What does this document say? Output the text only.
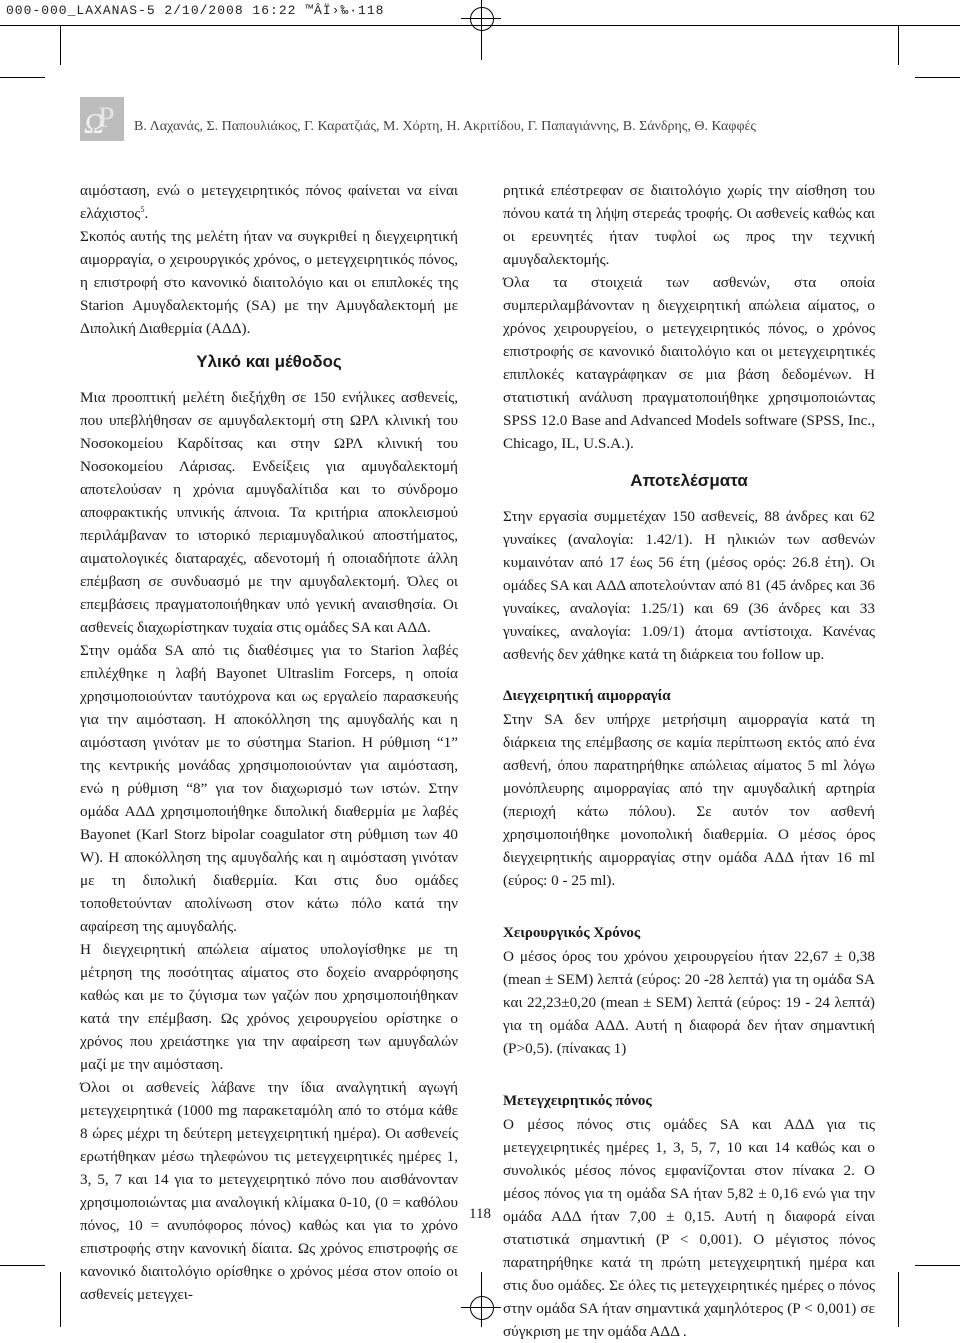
000-000_LAXANAS-5 2/10/2008 16:22 ™ÂÏ›‰·118
Ω
Ρ Β. Λαχανάς, Σ. Παπουλιάκος, Γ. Καρατζιάς, Μ. Χόρτη, Η. Ακριτίδου, Γ. Παπαγιάννης, Β. Σάνδρης, Θ. Καφφές

αιμόσταση, ενώ ο μετεγχειρητικός πόνος φαίνεται να είναι ελάχιστος$^5$.

Σκοπός αυτής της μελέτη ήταν να συγκριθεί η διεγχειρητική αιμορραγία, ο χειρουργικός χρόνος, ο μετεγχειρητικός πόνος, η επιστροφή στο κανονικό διαιτολόγιο και οι επιπλοκές της Starion Αμυγδαλεκτομής (SA) με την Αμυγδαλεκτομή με Διπολική Διαθερμία (ΑΔΔ).

Υλικό και μέθοδος

Μια προοπτική μελέτη διεξήχθη σε 150 ενήλικες ασθενείς, που υπεβλήθησαν σε αμυγδαλεκτομή στη ΩΡΛ κλινική του Νοσοκομείου Καρδίτσας και στην ΩΡΛ κλινική του Νοσοκομείου Λάρισας. Ενδείξεις για αμυγδαλεκτομή αποτελούσαν η χρόνια αμυγδαλίτιδα και το σύνδρομο αποφρακτικής υπνικής άπνοια. Τα κριτήρια αποκλεισμού περιλάμβαναν το ιστορικό περιαμυγδαλικού αποστήματος, αιματολογικές διαταραχές, αδενοτομή ή οποιαδήποτε άλλη επέμβαση σε συνδυασμό με την αμυγδαλεκτομή. Όλες οι επεμβάσεις πραγματοποιήθηκαν υπό γενική αναισθησία. Οι ασθενείς διαχωρίστηκαν τυχαία στις ομάδες SA και ΑΔΔ.

Στην ομάδα SA από τις διαθέσιμες για το Starion λαβές επιλέχθηκε η λαβή Bayonet Ultraslim Forceps, η οποία χρησιμοποιούνταν ταυτόχρονα και ως εργαλείο παρασκευής για την αιμόσταση. Η αποκόλληση της αμυγδαλής και η αιμόσταση γινόταν με το σύστημα Starion. Η ρύθμιση “1” της κεντρικής μονάδας χρησιμοποιούνταν για αιμόσταση, ενώ η ρύθμιση “8” για τον διαχωρισμό των ιστών. Στην ομάδα ΑΔΔ χρησιμοποιήθηκε διπολική διαθερμία με λαβές Bayonet (Karl Storz bipolar coagulator στη ρύθμιση των 40 W). Η αποκόλληση της αμυγδαλής και η αιμόσταση γινόταν με τη διπολική διαθερμία. Και στις δυο ομάδες τοποθετούνταν απολίνωση στον κάτω πόλο κατά την αφαίρεση της αμυγδαλής.

Η διεγχειρητική απώλεια αίματος υπολογίσθηκε με τη μέτρηση της ποσότητας αίματος στο δοχείο αναρρόφησης καθώς και με το ζύγισμα των γαζών που χρησιμοποιήθηκαν κατά την επέμβαση. Ως χρόνος χειρουργείου ορίστηκε ο χρόνος που χρειάστηκε για την αφαίρεση των αμυγδαλών μαζί με την αιμόσταση.

Όλοι οι ασθενείς λάβανε την ίδια αναλγητική αγωγή μετεγχειρητικά (1000 mg παρακεταμόλη από το στόμα κάθε 8 ώρες μέχρι τη δεύτερη μετεγχειρητική ημέρα). Οι ασθενείς ερωτήθηκαν μέσω τηλεφώνου τις μετεγχειρητικές ημέρες 1, 3, 5, 7 και 14 για το μετεγχειρητικό πόνο που αισθάνονταν χρησιμοποιώντας μια αναλογική κλίμακα 0-10, (0 = καθόλου πόνος, 10 = ανυπόφορος πόνος) καθώς και για το χρόνο επιστροφής στην κανονική δίαιτα. Ως χρόνος επιστροφής σε κανονικό διαιτολόγιο ορίσθηκε ο χρόνος μέσα στον οποίο οι ασθενείς μετεγχει-

ρητικά επέστρεφαν σε διαιτολόγιο χωρίς την αίσθηση του πόνου κατά τη λήψη στερεάς τροφής. Οι ασθενείς καθώς και οι ερευνητές ήταν τυφλοί ως προς την τεχνική αμυγδαλεκτομής.

Όλα τα στοιχειά των ασθενών, στα οποία συμπεριλαμβάνονταν η διεγχειρητική απώλεια αίματος, ο χρόνος χειρουργείου, ο μετεγχειρητικός πόνος, ο χρόνος επιστροφής σε κανονικό διαιτολόγιο και οι μετεγχειρητικές επιπλοκές καταγράφηκαν σε μια βάση δεδομένων. Η στατιστική ανάλυση πραγματοποιήθηκε χρησιμοποιώντας SPSS 12.0 Base and Advanced Models software (SPSS, Inc., Chicago, IL, U.S.A.).

Αποτελέσματα

Στην εργασία συμμετέχαν 150 ασθενείς, 88 άνδρες και 62 γυναίκες (αναλογία: 1.42/1). Η ηλικιών των ασθενών κυμαινόταν από 17 έως 56 έτη (μέσος ορός: 26.8 έτη). Οι ομάδες SA και ΑΔΔ αποτελούνταν από 81 (45 άνδρες και 36 γυναίκες, αναλογία: 1.25/1) και 69 (36 άνδρες και 33 γυναίκες, αναλογία: 1.09/1) άτομα αντίστοιχα. Κανένας ασθενής δεν χάθηκε κατά τη διάρκεια του follow up.

Διεγχειρητική αιμορραγία

Στην SA δεν υπήρχε μετρήσιμη αιμορραγία κατά τη διάρκεια της επέμβασης σε καμία περίπτωση εκτός από ένα ασθενή, όπου παρατηρήθηκε απώλειας αίματος 5 ml λόγω μονόπλευρης αιμορραγίας από την αμυγδαλική αρτηρία (περιοχή κάτω πόλου). Σε αυτόν τον ασθενή χρησιμοποιήθηκε μονοπολική διαθερμία. Ο μέσος όρος διεγχειρητικής αιμορραγίας στην ομάδα ΑΔΔ ήταν 16 ml (εύρος: 0 - 25 ml).

Χειρουργικός Χρόνος

Ο μέσος όρος του χρόνου χειρουργείου ήταν 22,67 ± 0,38 (mean ± SEM) λεπτά (εύρος: 20 -28 λεπτά) για τη ομάδα SA και 22,23±0,20 (mean ± SEM) λεπτά (εύρος: 19 - 24 λεπτά) για τη ομάδα ΑΔΔ. Αυτή η διαφορά δεν ήταν σημαντική (P>0,5). (πίνακας 1)

Μετεγχειρητικός πόνος

Ο μέσος πόνος στις ομάδες SA και ΑΔΔ για τις μετεγχειρητικές ημέρες 1, 3, 5, 7, 10 και 14 καθώς και ο συνολικός μέσος πόνος εμφανίζονται στον πίνακα 2. Ο μέσος πόνος για τη ομάδα SA ήταν 5,82 ± 0,16 ενώ για την ομάδα ΑΔΔ ήταν 7,00 ± 0,15. Αυτή η διαφορά είναι στατιστικά σημαντική (P < 0,001). Ο μέγιστος πόνος παρατηρήθηκε κατά τη πρώτη μετεγχειρητική ημέρα και στις δυο ομάδες. Σε όλες τις μετεγχειρητικές ημέρες ο πόνος στην ομάδα SA ήταν σημαντικά χαμηλότερος (P < 0,001) σε σύγκριση με την ομάδα ΑΔΔ .

118
